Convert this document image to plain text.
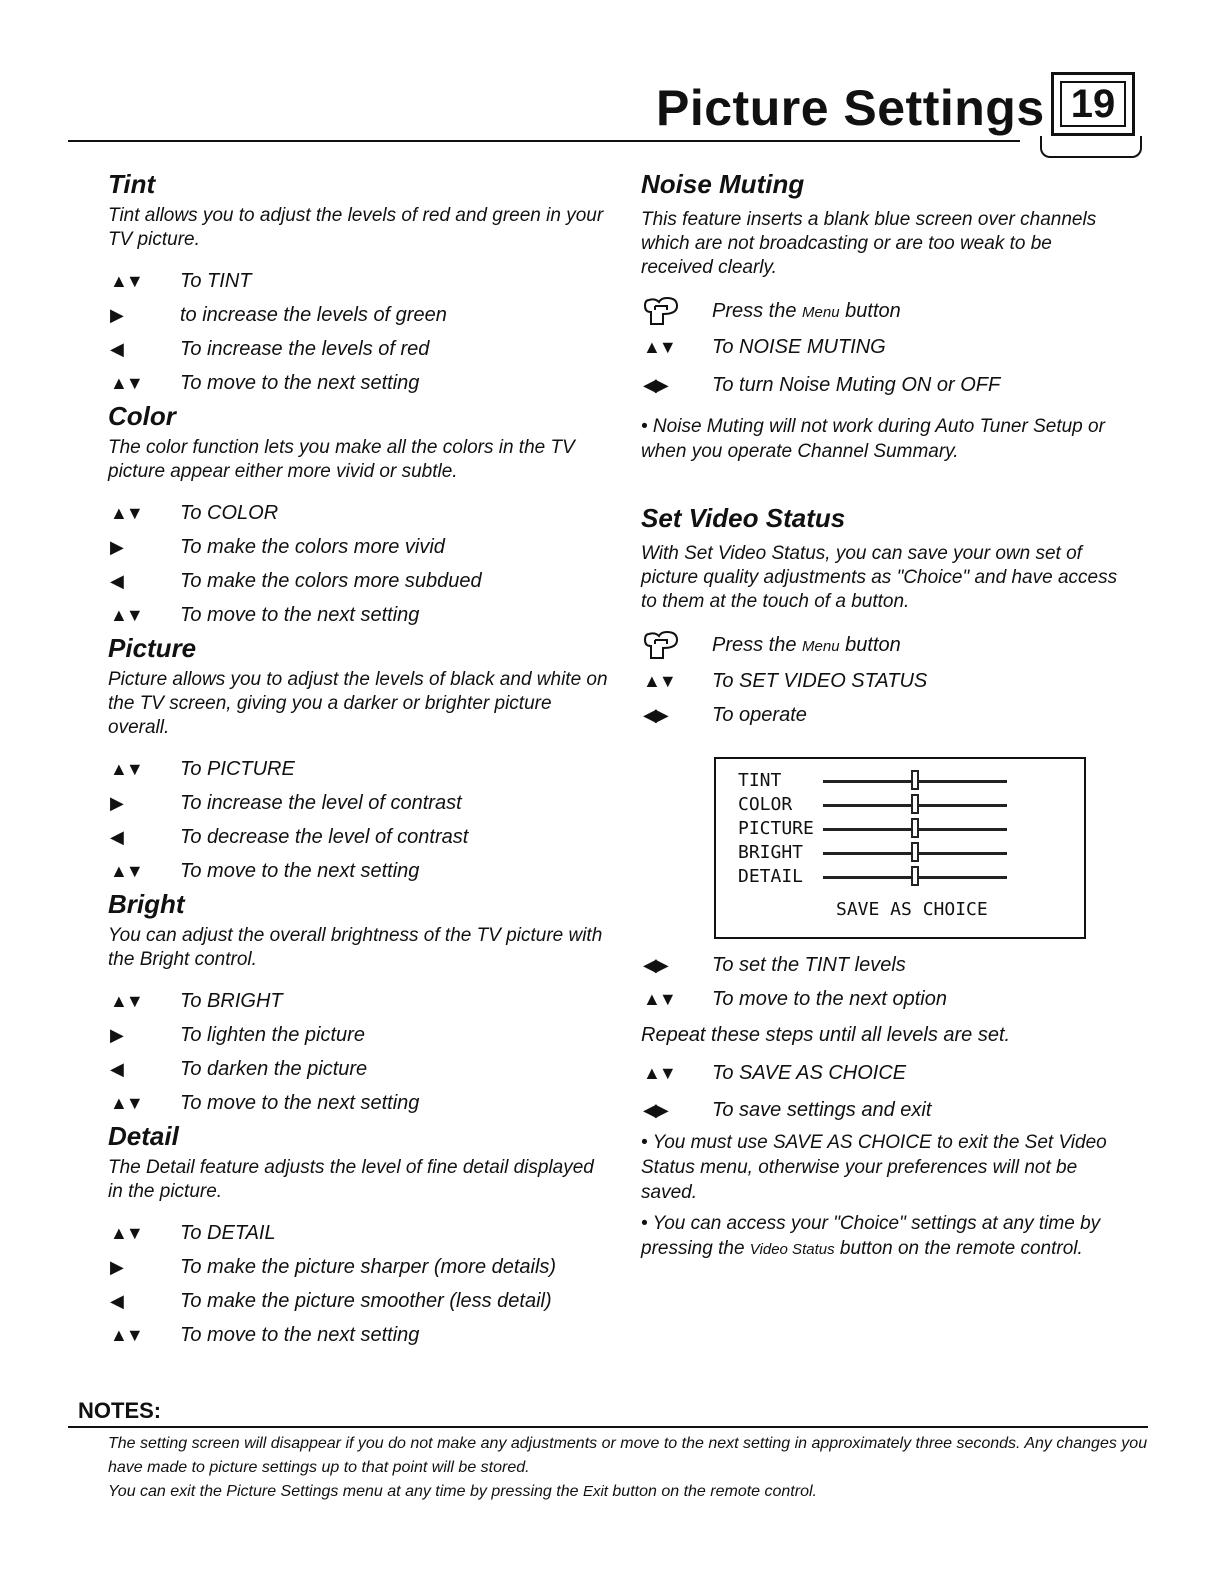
Picture Settings 19
Tint

Tint allows you to adjust the levels of red and green in your TV picture.

▲▼	To TINT
▶	to increase the levels of green
◀	To increase the levels of red
▲▼	To move to the next setting
Color

The color function lets you make all the colors in the TV picture appear either more vivid or subtle.

▲▼	To COLOR
▶	To make the colors more vivid
◀	To make the colors more subdued
▲▼	To move to the next setting
Picture

Picture allows you to adjust the levels of black and white on the TV screen, giving you a darker or brighter picture overall.

▲▼	To PICTURE
▶	To increase the level of contrast
◀	To decrease the level of contrast
▲▼	To move to the next setting
Bright

You can adjust the overall brightness of the TV picture with the Bright control.

▲▼	To BRIGHT
▶	To lighten the picture
◀	To darken the picture
▲▼	To move to the next setting
Detail

The Detail feature adjusts the level of fine detail displayed in the picture.

▲▼	To DETAIL
▶	To make the picture sharper (more details)
◀	To make the picture smoother (less detail)
▲▼	To move to the next setting
Noise Muting

This feature inserts a blank blue screen over channels which are not broadcasting or are too weak to be received clearly.

Press the Menu button
▲▼	To NOISE MUTING
◀▶	To turn Noise Muting ON or OFF

• Noise Muting will not work during Auto Tuner Setup or when you operate Channel Summary.

Set Video Status

With Set Video Status, you can save your own set of picture quality adjustments as "Choice" and have access to them at the touch of a button.

Press the Menu button
▲▼	To SET VIDEO STATUS
◀▶	To operate
◀▶	To set the TINT levels
▲▼	To move to the next option

Repeat these steps until all levels are set.

▲▼	To SAVE AS CHOICE
◀▶	To save settings and exit

• You must use SAVE AS CHOICE to exit the Set Video Status menu, otherwise your preferences will not be saved.

• You can access your "Choice" settings at any time by pressing the Video Status button on the remote control.

SAVE AS CHOICE
TINT
COLOR
PICTURE
BRIGHT
DETAIL
NOTES:
The setting screen will disappear if you do not make any adjustments or move to the next setting in approximately three seconds. Any changes you have made to picture settings up to that point will be stored.
You can exit the Picture Settings menu at any time by pressing the Exit button on the remote control.
